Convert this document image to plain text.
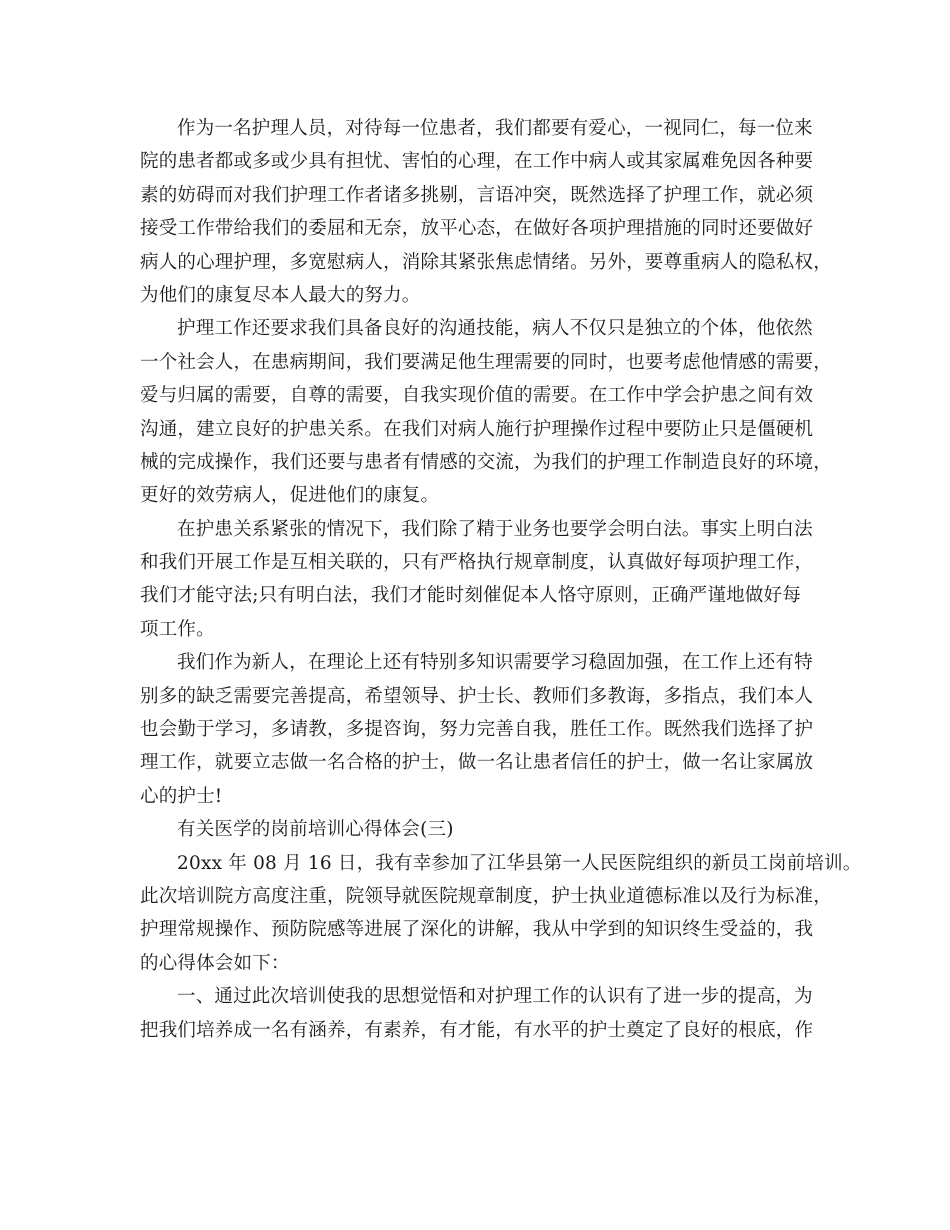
作为一名护理人员，对待每一位患者，我们都要有爱心，一视同仁，每一位来
院的患者都或多或少具有担忧、害怕的心理，在工作中病人或其家属难免因各种要
素的妨碍而对我们护理工作者诸多挑剔，言语冲突，既然选择了护理工作，就必须
接受工作带给我们的委屈和无奈，放平心态，在做好各项护理措施的同时还要做好
病人的心理护理，多宽慰病人，消除其紧张焦虑情绪。另外，要尊重病人的隐私权，
为他们的康复尽本人最大的努力。
护理工作还要求我们具备良好的沟通技能，病人不仅只是独立的个体，他依然
一个社会人，在患病期间，我们要满足他生理需要的同时，也要考虑他情感的需要，
爱与归属的需要，自尊的需要，自我实现价值的需要。在工作中学会护患之间有效
沟通，建立良好的护患关系。在我们对病人施行护理操作过程中要防止只是僵硬机
械的完成操作，我们还要与患者有情感的交流，为我们的护理工作制造良好的环境，
更好的效劳病人，促进他们的康复。
在护患关系紧张的情况下，我们除了精于业务也要学会明白法。事实上明白法
和我们开展工作是互相关联的，只有严格执行规章制度，认真做好每项护理工作，
我们才能守法;只有明白法，我们才能时刻催促本人恪守原则，正确严谨地做好每
项工作。
我们作为新人，在理论上还有特别多知识需要学习稳固加强，在工作上还有特
别多的缺乏需要完善提高，希望领导、护士长、教师们多教诲，多指点，我们本人
也会勤于学习，多请教，多提咨询，努力完善自我，胜任工作。既然我们选择了护
理工作，就要立志做一名合格的护士，做一名让患者信任的护士，做一名让家属放
心的护士!
有关医学的岗前培训心得体会(三)
20xx 年 08 月 16 日，我有幸参加了江华县第一人民医院组织的新员工岗前培训。
此次培训院方高度注重，院领导就医院规章制度，护士执业道德标准以及行为标准，
护理常规操作、预防院感等进展了深化的讲解，我从中学到的知识终生受益的，我
的心得体会如下：
一、通过此次培训使我的思想觉悟和对护理工作的认识有了进一步的提高，为
把我们培养成一名有涵养，有素养，有才能，有水平的护士奠定了良好的根底，作
